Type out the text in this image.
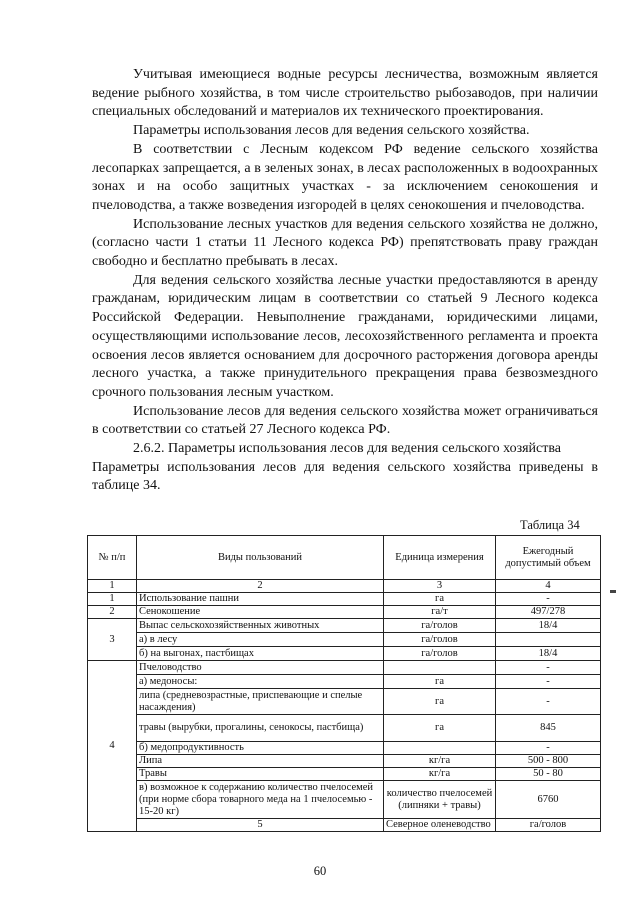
Учитывая имеющиеся водные ресурсы лесничества, возможным является ведение рыбного хозяйства, в том числе строительство рыбозаводов, при наличии специальных обследований и материалов их технического проектирования.

Параметры использования лесов для ведения сельского хозяйства.

В соответствии с Лесным кодексом РФ ведение сельского хозяйства лесопарках запрещается, а в зеленых зонах, в лесах расположенных в водоохранных зонах и на особо защитных участках - за исключением сенокошения и пчеловодства, а также возведения изгородей в целях сенокошения и пчеловодства.

Использование лесных участков для ведения сельского хозяйства не должно, (согласно части 1 статьи 11 Лесного кодекса РФ) препятствовать праву граждан свободно и бесплатно пребывать в лесах.

Для ведения сельского хозяйства лесные участки предоставляются в аренду гражданам, юридическим лицам в соответствии со статьей 9 Лесного кодекса Российской Федерации. Невыполнение гражданами, юридическими лицами, осуществляющими использование лесов, лесохозяйственного регламента и проекта освоения лесов является основанием для досрочного расторжения договора аренды лесного участка, а также принудительного прекращения права безвозмездного срочного пользования лесным участком.

Использование лесов для ведения сельского хозяйства может ограничиваться в соответствии со статьей 27 Лесного кодекса РФ.

2.6.2. Параметры использования лесов для ведения сельского хозяйства

Параметры использования лесов для ведения сельского хозяйства приведены в таблице 34.

Таблица 34
№ п/п	Виды пользований	Единица измерения	Ежегодный допустимый объем	
1	2	3	4	
1	Использование пашни	га	-	
2	Сенокошение	га/т	497/278	
3	Выпас сельскохозяйственных животных	га/голов	18/4	
	а) в лесу	га/голов		
	б) на выгонах, пастбищах	га/голов	18/4	
4	Пчеловодство		-	
	а) медоносы:	га	-	
	липа (средневозрастные, приспевающие и спелые насаждения)	га	-	
	травы (вырубки, прогалины, сенокосы, пастбища)	га	845	
	б) медопродуктивность		-	
	Липа	кг/га	500 - 800	
	Травы	кг/га	50 - 80	
	в) возможное к содержанию количество пчелосемей (при норме сбора товарного меда на 1 пчелосемью - 15-20 кг)	количество пчелосемей (липняки + травы)	6760	
	5	Северное оленеводство	га/голов	
60
